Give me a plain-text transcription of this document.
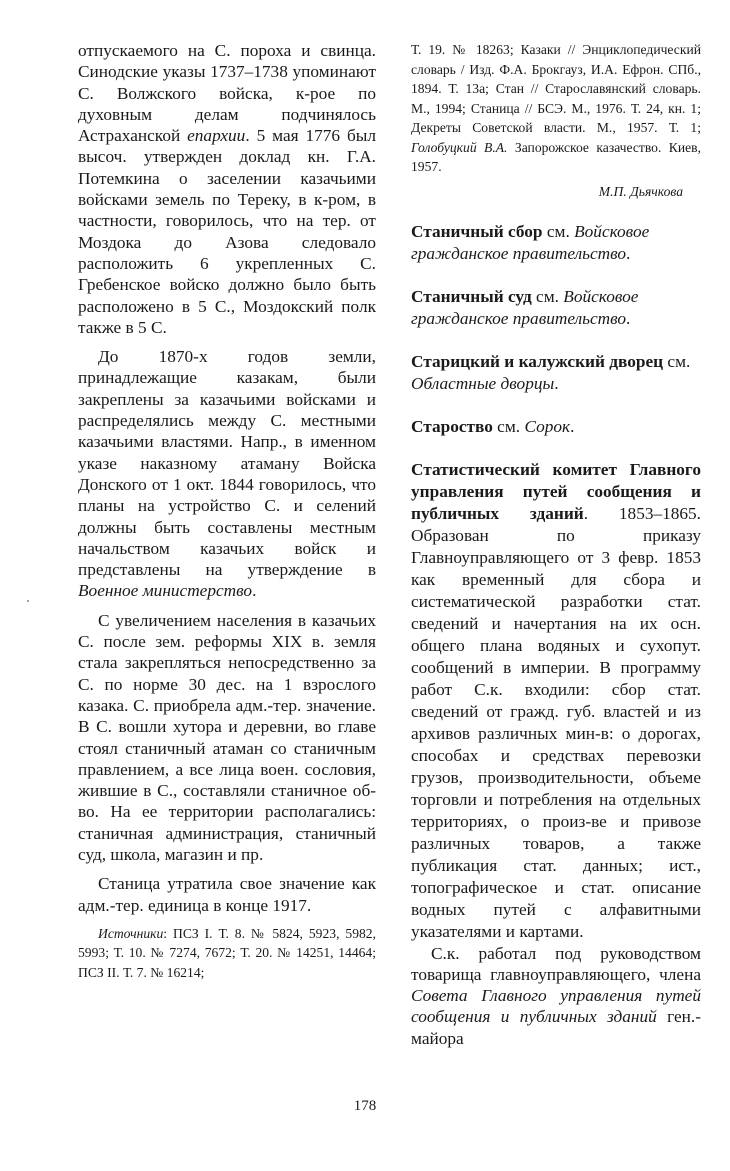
отпускаемого на С. пороха и свинца. Синодские указы 1737–1738 упоминают С. Волжского войска, к-рое по духовным делам подчинялось Астраханской епархии. 5 мая 1776 был высоч. утвержден доклад кн. Г.А. Потемкина о заселении казачьими войсками земель по Тереку, в к-ром, в частности, говорилось, что на тер. от Моздока до Азова следовало расположить 6 укрепленных С. Гребенское войско должно было быть расположено в 5 С., Моздокский полк также в 5 С.

До 1870-х годов земли, принадлежащие казакам, были закреплены за казачьими войсками и распределялись между С. местными казачьими властями. Напр., в именном указе наказному атаману Войска Донского от 1 окт. 1844 говорилось, что планы на устройство С. и селений должны быть составлены местным начальством казачьих войск и представлены на утверждение в Военное министерство.

С увеличением населения в казачьих С. после зем. реформы XIX в. земля стала закрепляться непосредственно за С. по норме 30 дес. на 1 взрослого казака. С. приобрела адм.-тер. значение. В С. вошли хутора и деревни, во главе стоял станичный атаман со станичным правлением, а все лица воен. сословия, жившие в С., составляли станичное об-во. На ее территории располагались: станичная администрация, станичный суд, школа, магазин и пр.

Станица утратила свое значение как адм.-тер. единица в конце 1917.

Источники: ПСЗ I. Т. 8. № 5824, 5923, 5982, 5993; Т. 10. № 7274, 7672; Т. 20. № 14251, 14464; ПСЗ II. Т. 7. № 16214;

Т. 19. № 18263; Казаки // Энциклопедический словарь / Изд. Ф.А. Брокгауз, И.А. Ефрон. СПб., 1894. Т. 13а; Стан // Старославянский словарь. М., 1994; Станица // БСЭ. М., 1976. Т. 24, кн. 1; Декреты Советской власти. М., 1957. Т. 1; Голобуцкий В.А. Запорожское казачество. Киев, 1957.

М.П. Дьячкова

Станичный сбор см. Войсковое гражданское правительство.

Станичный суд см. Войсковое гражданское правительство.

Старицкий и калужский дворец см. Областные дворцы.

Староство см. Сорок.

Статистический комитет Главного управления путей сообщения и публичных зданий. 1853–1865. Образован по приказу Главноуправляющего от 3 февр. 1853 как временный для сбора и систематической разработки стат. сведений и начертания на их осн. общего плана водяных и сухопут. сообщений в империи. В программу работ С.к. входили: сбор стат. сведений от гражд. губ. властей и из архивов различных мин-в: о дорогах, способах и средствах перевозки грузов, производительности, объеме торговли и потребления на отдельных территориях, о произ-ве и привозе различных товаров, а также публикация стат. данных; ист., топографическое и стат. описание водных путей с алфавитными указателями и картами.

С.к. работал под руководством товарища главноуправляющего, члена Совета Главного управления путей сообщения и публичных зданий ген.-майора

178
